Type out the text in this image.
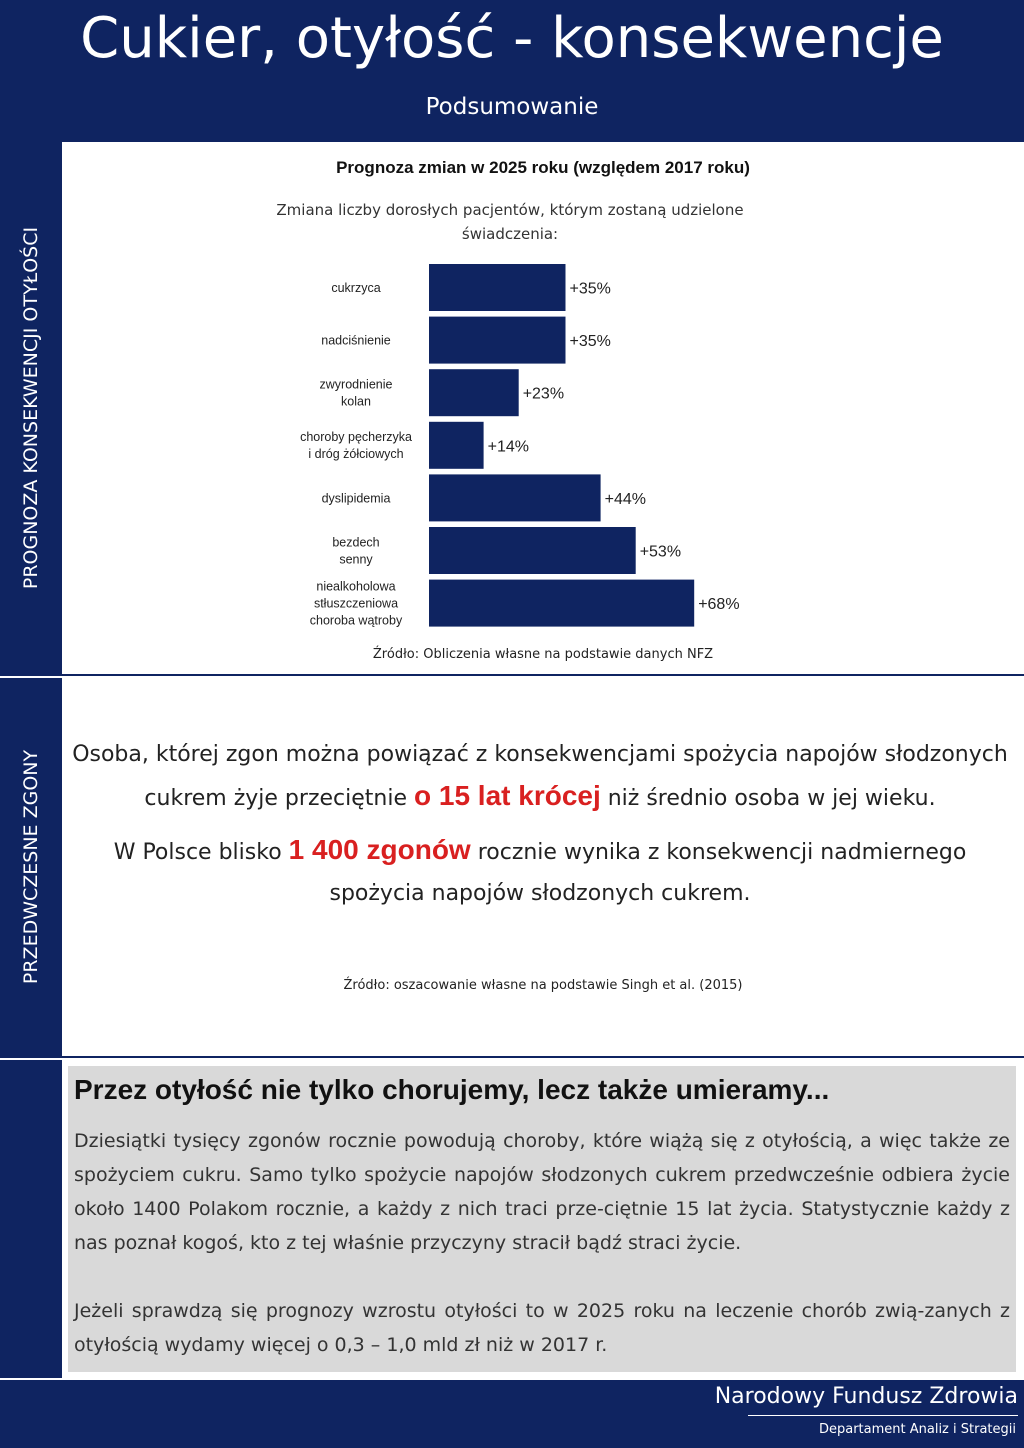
Cukier, otyłość - konsekwencje
Podsumowanie
PROGNOZA KONSEKWENCJI OTYŁOŚCI
PRZEDWCZESNE ZGONY
Prognoza zmian w 2025 roku (względem 2017 roku)
Zmiana liczby dorosłych pacjentów, którym zostaną udzielone świadczenia:
+35%
cukrzyca
+35%
nadciśnienie
+23%
zwyrodnienie kolan
+14%
choroby pęcherzyka i dróg żółciowych
+44%
dyslipidemia
+53%
bezdech senny
+68%
niealkoholowa stłuszczeniowa choroba wątroby
Źródło: Obliczenia własne na podstawie danych NFZ

Osoba, której zgon można powiązać z konsekwencjami spożycia napojów słodzonych cukrem żyje przeciętnie o 15 lat krócej niż średnio osoba w jej wieku.

W Polsce blisko 1 400 zgonów rocznie wynika z konsekwencji nadmiernego spożycia napojów słodzonych cukrem.

Źródło: oszacowanie własne na podstawie Singh et al. (2015)
Przez otyłość nie tylko chorujemy, lecz także umieramy...
Dziesiątki tysięcy zgonów rocznie powodują choroby, które wiążą się z otyłością, a więc także ze spożyciem cukru. Samo tylko spożycie napojów słodzonych cukrem przedwcześnie odbiera życie około 1400 Polakom rocznie, a każdy z nich traci prze-ciętnie 15 lat życia. Statystycznie każdy z nas poznał kogoś, kto z tej właśnie przyczyny stracił bądź straci życie.
Jeżeli sprawdzą się prognozy wzrostu otyłości to w 2025 roku na leczenie chorób zwią-zanych z otyłością wydamy więcej o 0,3 – 1,0 mld zł niż w 2017 r.
Narodowy Fundusz Zdrowia
Departament Analiz i Strategii
